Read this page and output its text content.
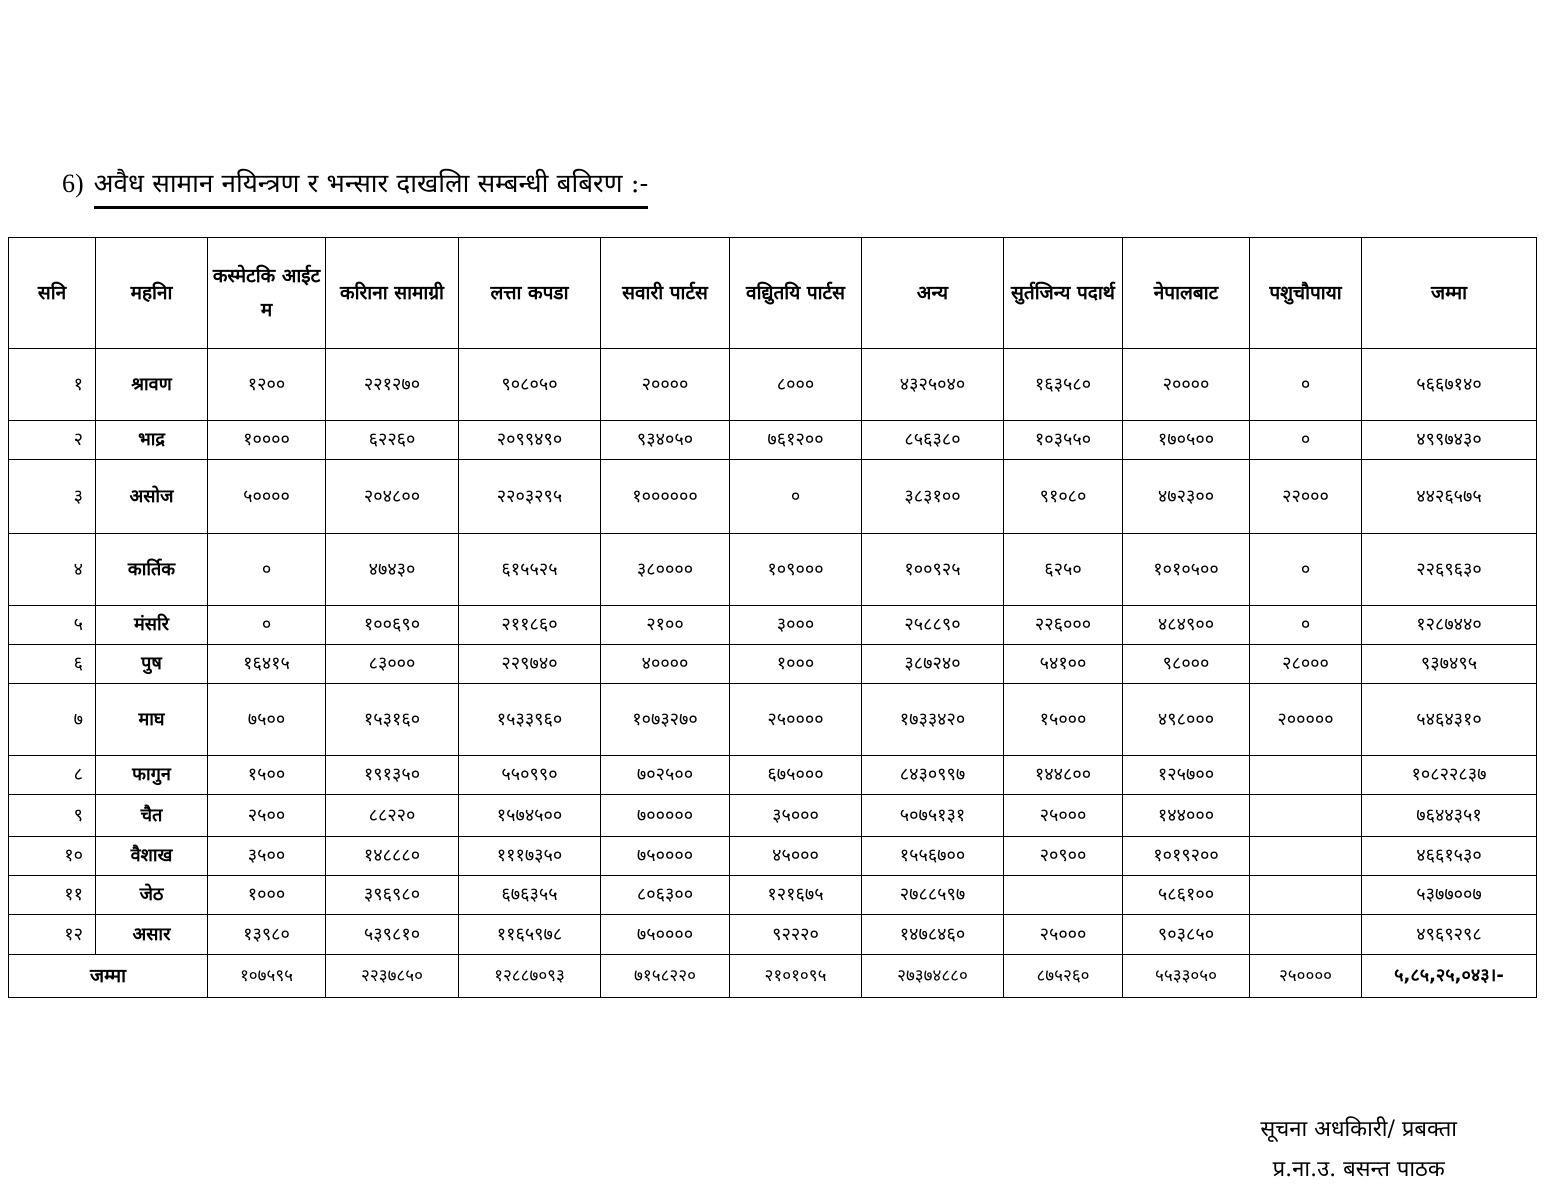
6) अवैध सामान नयिन्त्रण र भन्सार दाखलिा सम्बन्धी बबिरण :-
सनि	महनिा	कस्मेटकि आईटम	करिाना सामाग्री	लत्ता कपडा	सवारी पार्टस	वद्यिुतयि पार्टस	अन्य	सुर्तजिन्य पदार्थ	नेपालबाट	पशुचौपाया	जम्मा
१	श्रावण	१२००	२२१२७०	९०८०५०	२००००	८०००	४३२५०४०	१६३५८०	२००००	०	५६६७१४०
२	भाद्र	१००००	६२२६०	२०९९४९०	९३४०५०	७६१२००	८५६३८०	१०३५५०	१७०५००	०	४९९७४३०
३	असोज	५००००	२०४८००	२२०३२९५	१००००००	०	३८३१००	९१०८०	४७२३००	२२०००	४४२६५७५
४	कार्तिक	०	४७४३०	६१५५२५	३८००००	१०९०००	१००९२५	६२५०	१०१०५००	०	२२६९६३०
५	मंसरि	०	१००६९०	२११८६०	२१००	३०००	२५८८९०	२२६०००	४८४९००	०	१२८७४४०
६	पुष	१६४१५	८३०००	२२९७४०	४००००	१०००	३८७२४०	५४१००	९८०००	२८०००	९३७४९५
७	माघ	७५००	१५३१६०	१५३३९६०	१०७३२७०	२५००००	१७३३४२०	१५०००	४९८०००	२०००००	५४६४३१०
८	फागुन	१५००	१९१३५०	५५०९९०	७०२५००	६७५०००	८४३०९९७	१४४८००	१२५७००		१०८२२८३७
९	चैत	२५००	८८२२०	१५७४५००	७०००००	३५०००	५०७५१३१	२५०००	१४४०००		७६४४३५१
१०	वैशाख	३५००	१४८८८०	१११७३५०	७५००००	४५०००	१५५६७००	२०९००	१०१९२००		४६६१५३०
११	जेठ	१०००	३९६९८०	६७६३५५	८०६३००	१२१६७५	२७८८५९७		५८६१००		५३७७००७
१२	असार	१३९८०	५३९८१०	११६५९७८	७५००००	९२२२०	१४७८४६०	२५०००	९०३८५०		४९६९२९८
जम्मा		१०७५९५	२२३७८५०	१२८८७०९३	७१५८२२०	२१०१०९५	२७३७४८८०	८७५२६०	५५३३०५०	२५००००	५,८५,२५,०४३।-
सूचना अधकिारी/ प्रबक्ता
प्र.ना.उ. बसन्त पाठक
